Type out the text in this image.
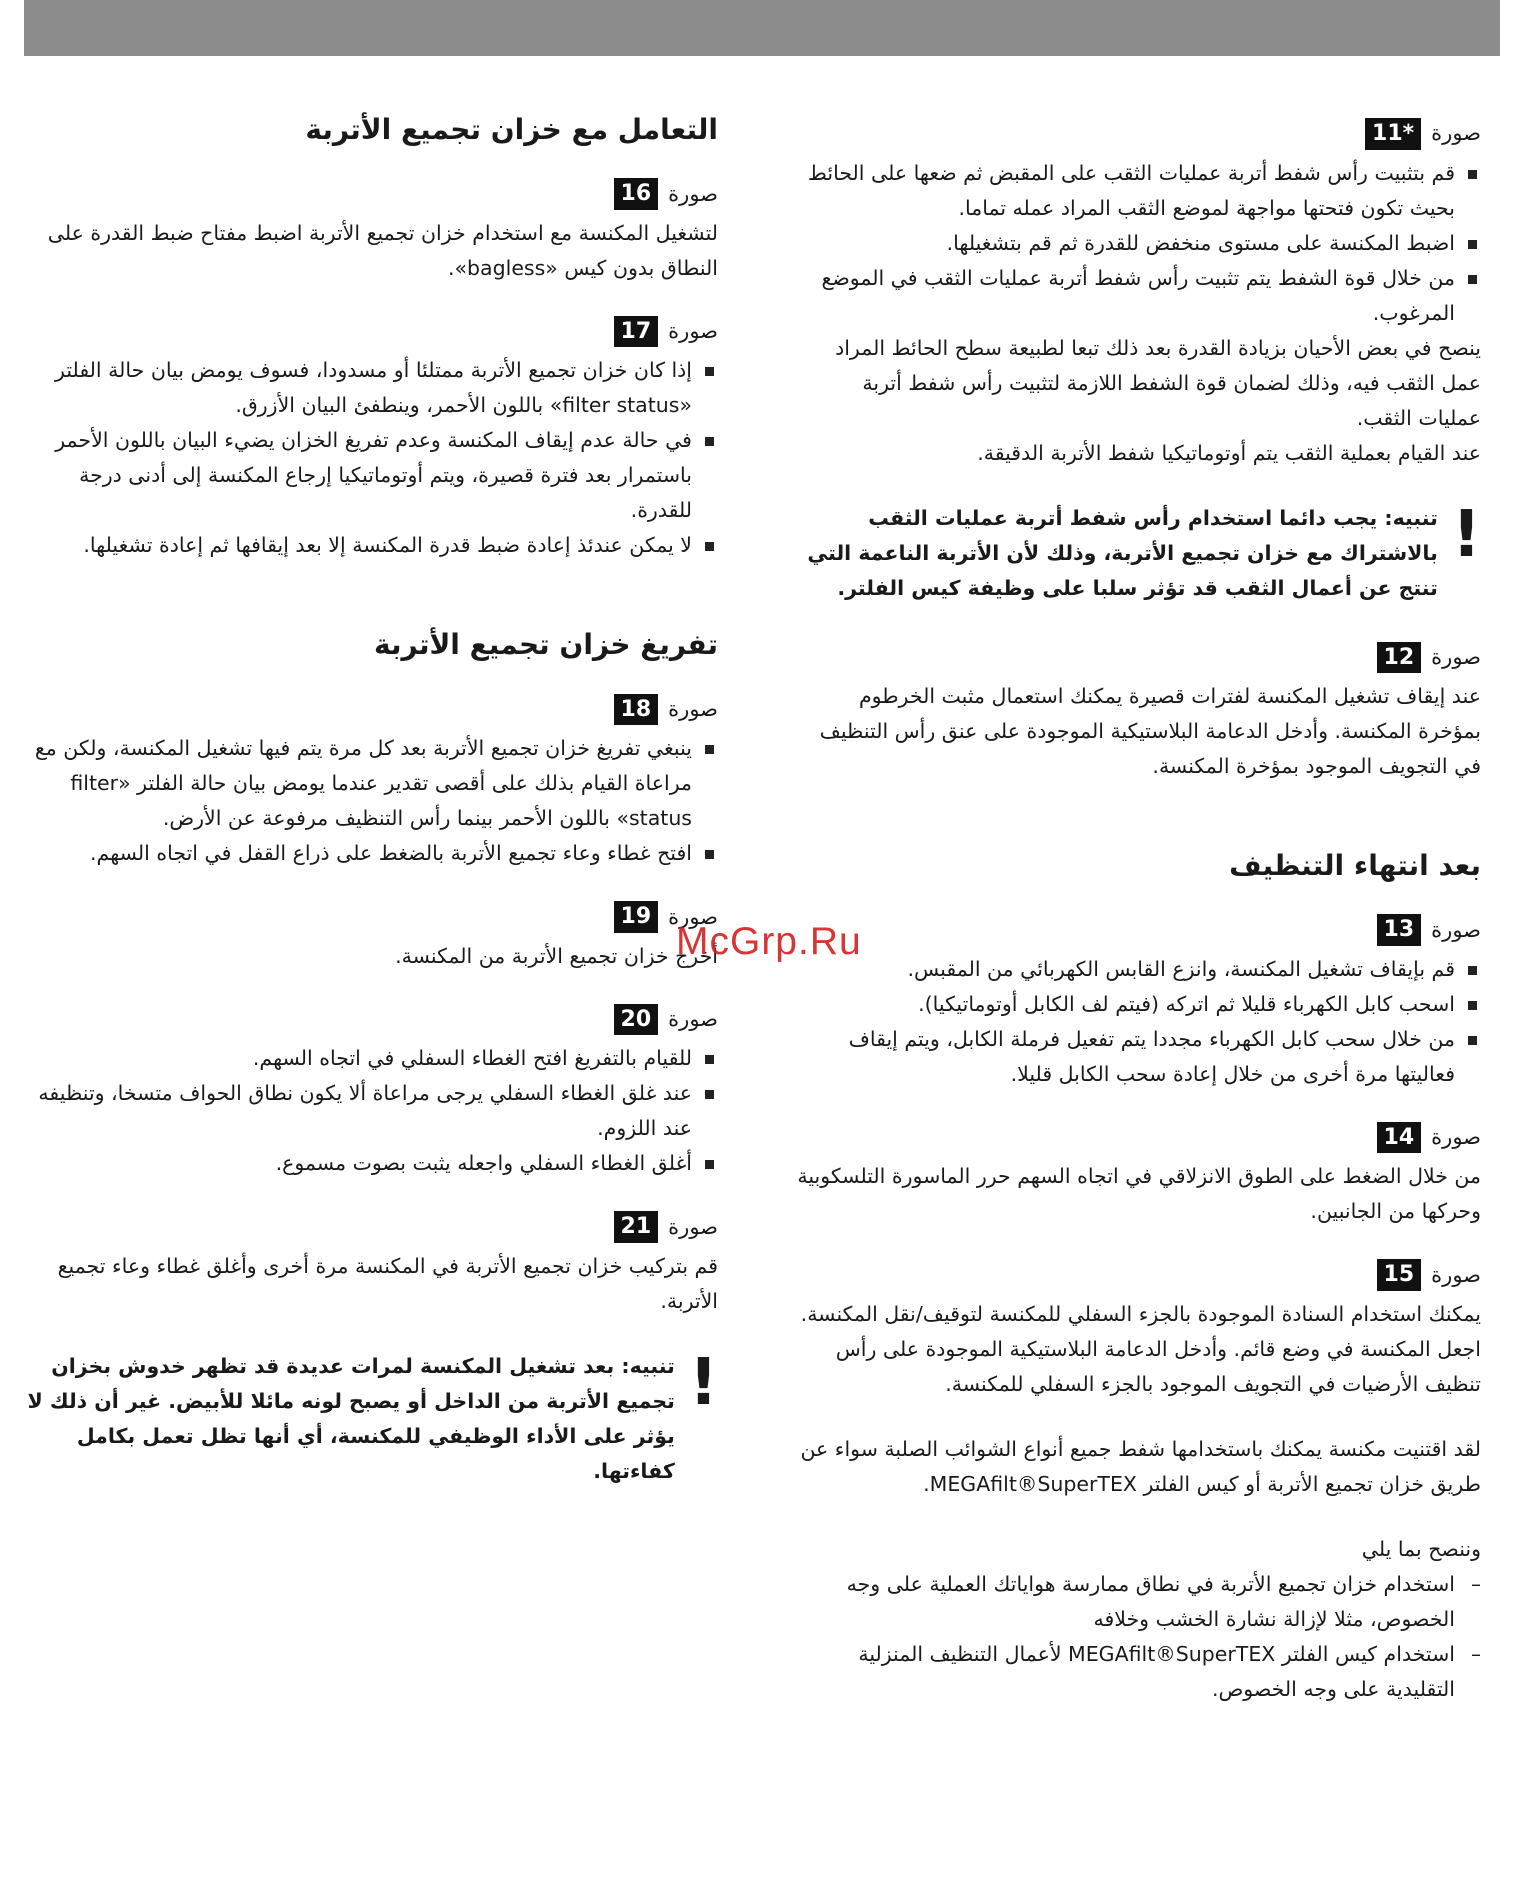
صورة
11*
قم بتثبيت رأس شفط أتربة عمليات الثقب على المقبض ثم ضعها على الحائط بحيث تكون فتحتها مواجهة لموضع الثقب المراد عمله تماما.
اضبط المكنسة على مستوى منخفض للقدرة ثم قم بتشغيلها.
من خلال قوة الشفط يتم تثبيت رأس شفط أتربة عمليات الثقب في الموضع المرغوب.

ينصح في بعض الأحيان بزيادة القدرة بعد ذلك تبعا لطبيعة سطح الحائط المراد عمل الثقب فيه، وذلك لضمان قوة الشفط اللازمة لتثبيت رأس شفط أتربة عمليات الثقب.

عند القيام بعملية الثقب يتم أوتوماتيكيا شفط الأتربة الدقيقة.

!

تنبيه: يجب دائما استخدام رأس شفط أتربة عمليات الثقب بالاشتراك مع خزان تجميع الأتربة، وذلك لأن الأتربة الناعمة التي تنتج عن أعمال الثقب قد تؤثر سلبا على وظيفة كيس الفلتر.

صورة
12

عند إيقاف تشغيل المكنسة لفترات قصيرة يمكنك استعمال مثبت الخرطوم بمؤخرة المكنسة. وأدخل الدعامة البلاستيكية الموجودة على عنق رأس التنظيف في التجويف الموجود بمؤخرة المكنسة.

بعد انتهاء التنظيف
صورة
13
قم بإيقاف تشغيل المكنسة، وانزع القابس الكهربائي من المقبس.
اسحب كابل الكهرباء قليلا ثم اتركه (فيتم لف الكابل أوتوماتيكيا).
من خلال سحب كابل الكهرباء مجددا يتم تفعيل فرملة الكابل، ويتم إيقاف فعاليتها مرة أخرى من خلال إعادة سحب الكابل قليلا.
صورة
14

من خلال الضغط على الطوق الانزلاقي في اتجاه السهم حرر الماسورة التلسكوبية وحركها من الجانبين.

صورة
15

يمكنك استخدام السنادة الموجودة بالجزء السفلي للمكنسة لتوقيف/نقل المكنسة. اجعل المكنسة في وضع قائم. وأدخل الدعامة البلاستيكية الموجودة على رأس تنظيف الأرضيات في التجويف الموجود بالجزء السفلي للمكنسة.

لقد اقتنيت مكنسة يمكنك باستخدامها شفط جميع أنواع الشوائب الصلبة سواء عن طريق خزان تجميع الأتربة أو كيس الفلتر MEGAfilt®SuperTEX.

وننصح بما يلي

– استخدام خزان تجميع الأتربة في نطاق ممارسة هواياتك العملية على وجه الخصوص، مثلا لإزالة نشارة الخشب وخلافه
– استخدام كيس الفلتر MEGAfilt®SuperTEX لأعمال التنظيف المنزلية التقليدية على وجه الخصوص.
التعامل مع خزان تجميع الأتربة
صورة
16

لتشغيل المكنسة مع استخدام خزان تجميع الأتربة اضبط مفتاح ضبط القدرة على النطاق بدون كيس «bagless».

صورة
17
إذا كان خزان تجميع الأتربة ممتلئا أو مسدودا، فسوف يومض بيان حالة الفلتر «filter status» باللون الأحمر، وينطفئ البيان الأزرق.
في حالة عدم إيقاف المكنسة وعدم تفريغ الخزان يضيء البيان باللون الأحمر باستمرار بعد فترة قصيرة، ويتم أوتوماتيكيا إرجاع المكنسة إلى أدنى درجة للقدرة.
لا يمكن عندئذ إعادة ضبط قدرة المكنسة إلا بعد إيقافها ثم إعادة تشغيلها.
تفريغ خزان تجميع الأتربة
صورة
18
ينبغي تفريغ خزان تجميع الأتربة بعد كل مرة يتم فيها تشغيل المكنسة، ولكن مع مراعاة القيام بذلك على أقصى تقدير عندما يومض بيان حالة الفلتر «filter status» باللون الأحمر بينما رأس التنظيف مرفوعة عن الأرض.
افتح غطاء وعاء تجميع الأتربة بالضغط على ذراع القفل في اتجاه السهم.
صورة
19

أخرج خزان تجميع الأتربة من المكنسة.

صورة
20
للقيام بالتفريغ افتح الغطاء السفلي في اتجاه السهم.
عند غلق الغطاء السفلي يرجى مراعاة ألا يكون نطاق الحواف متسخا، وتنظيفه عند اللزوم.
أغلق الغطاء السفلي واجعله يثبت بصوت مسموع.
صورة
21

قم بتركيب خزان تجميع الأتربة في المكنسة مرة أخرى وأغلق غطاء وعاء تجميع الأتربة.

!

تنبيه: بعد تشغيل المكنسة لمرات عديدة قد تظهر خدوش بخزان تجميع الأتربة من الداخل أو يصبح لونه مائلا للأبيض. غير أن ذلك لا يؤثر على الأداء الوظيفي للمكنسة، أي أنها تظل تعمل بكامل كفاءتها.

McGrp.Ru
